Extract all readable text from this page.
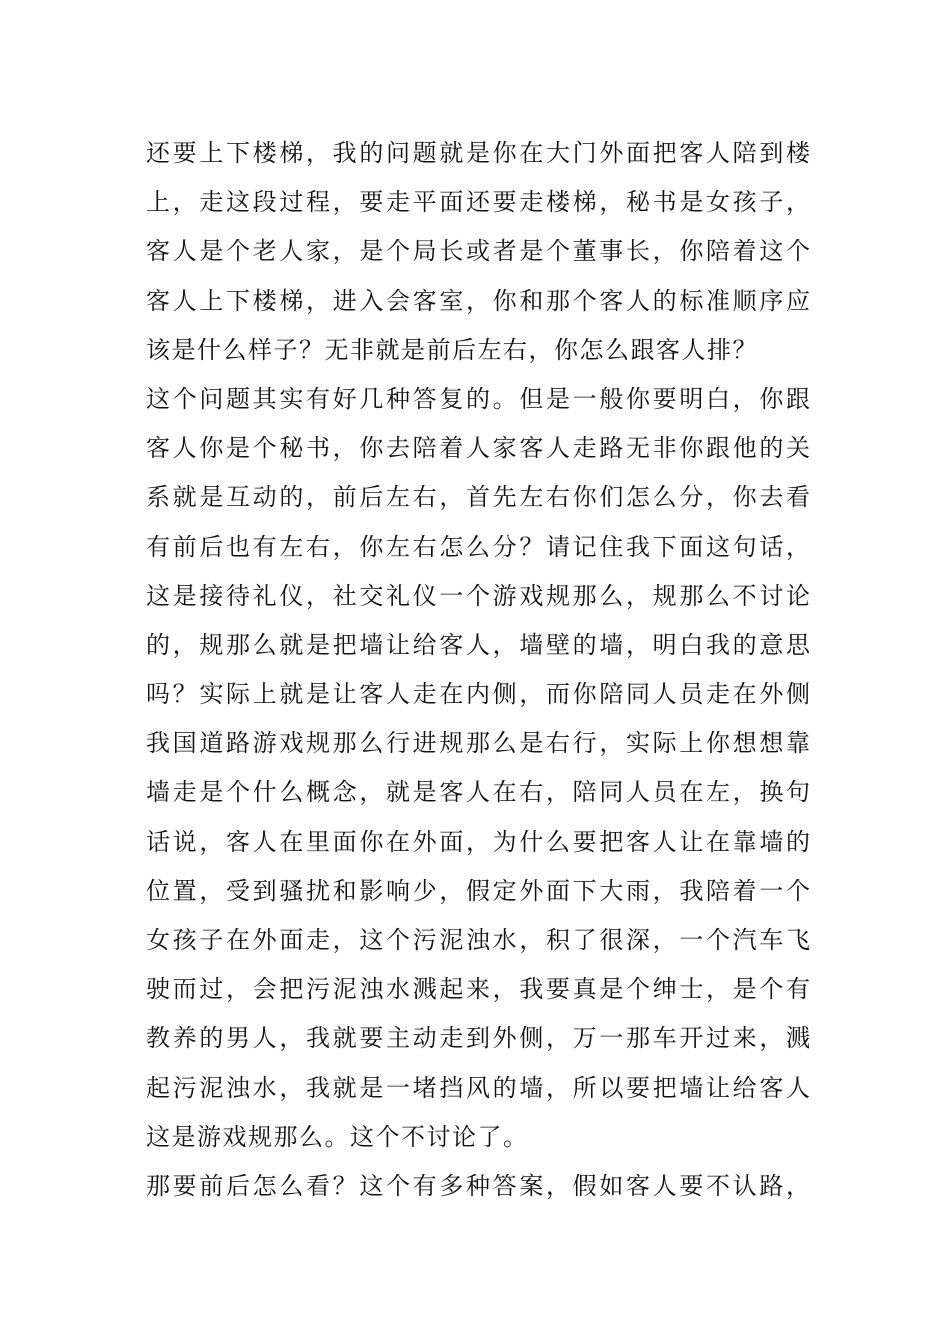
还要上下楼梯，我的问题就是你在大门外面把客人陪到楼
上，走这段过程，要走平面还要走楼梯，秘书是女孩子，
客人是个老人家，是个局长或者是个董事长，你陪着这个
客人上下楼梯，进入会客室，你和那个客人的标准顺序应
该是什么样子？无非就是前后左右，你怎么跟客人排？
这个问题其实有好几种答复的。但是一般你要明白，你跟
客人你是个秘书，你去陪着人家客人走路无非你跟他的关
系就是互动的，前后左右，首先左右你们怎么分，你去看
有前后也有左右，你左右怎么分？请记住我下面这句话，
这是接待礼仪，社交礼仪一个游戏规那么，规那么不讨论
的，规那么就是把墙让给客人，墙壁的墙，明白我的意思
吗？实际上就是让客人走在内侧，而你陪同人员走在外侧
我国道路游戏规那么行进规那么是右行，实际上你想想靠
墙走是个什么概念，就是客人在右，陪同人员在左，换句
话说，客人在里面你在外面，为什么要把客人让在靠墙的
位置，受到骚扰和影响少，假定外面下大雨，我陪着一个
女孩子在外面走，这个污泥浊水，积了很深，一个汽车飞
驶而过，会把污泥浊水溅起来，我要真是个绅士，是个有
教养的男人，我就要主动走到外侧，万一那车开过来，溅
起污泥浊水，我就是一堵挡风的墙，所以要把墙让给客人
这是游戏规那么。这个不讨论了。
那要前后怎么看？这个有多种答案，假如客人要不认路，
